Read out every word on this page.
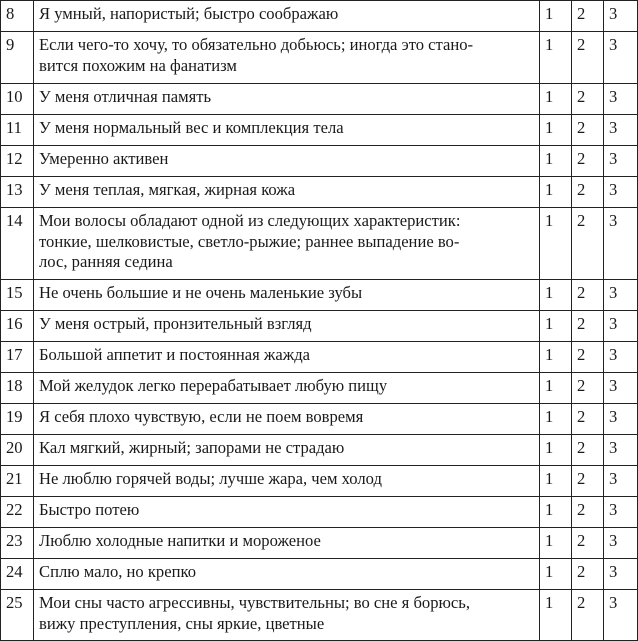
8	Я умный, напористый; быстро соображаю	1	2	3
9	Если чего-то хочу, то обязательно добьюсь; иногда это стано-
вится похожим на фанатизм	1	2	3
10	У меня отличная память	1	2	3
11	У меня нормальный вес и комплекция тела	1	2	3
12	Умеренно активен	1	2	3
13	У меня теплая, мягкая, жирная кожа	1	2	3
14	Мои волосы обладают одной из следующих характеристик:
тонкие, шелковистые, светло-рыжие; раннее выпадение во-
лос, ранняя седина	1	2	3
15	Не очень большие и не очень маленькие зубы	1	2	3
16	У меня острый, пронзительный взгляд	1	2	3
17	Большой аппетит и постоянная жажда	1	2	3
18	Мой желудок легко перерабатывает любую пищу	1	2	3
19	Я себя плохо чувствую, если не поем вовремя	1	2	3
20	Кал мягкий, жирный; запорами не страдаю	1	2	3
21	Не люблю горячей воды; лучше жара, чем холод	1	2	3
22	Быстро потею	1	2	3
23	Люблю холодные напитки и мороженое	1	2	3
24	Сплю мало, но крепко	1	2	3
25	Мои сны часто агрессивны, чувствительны; во сне я борюсь,
вижу преступления, сны яркие, цветные	1	2	3
